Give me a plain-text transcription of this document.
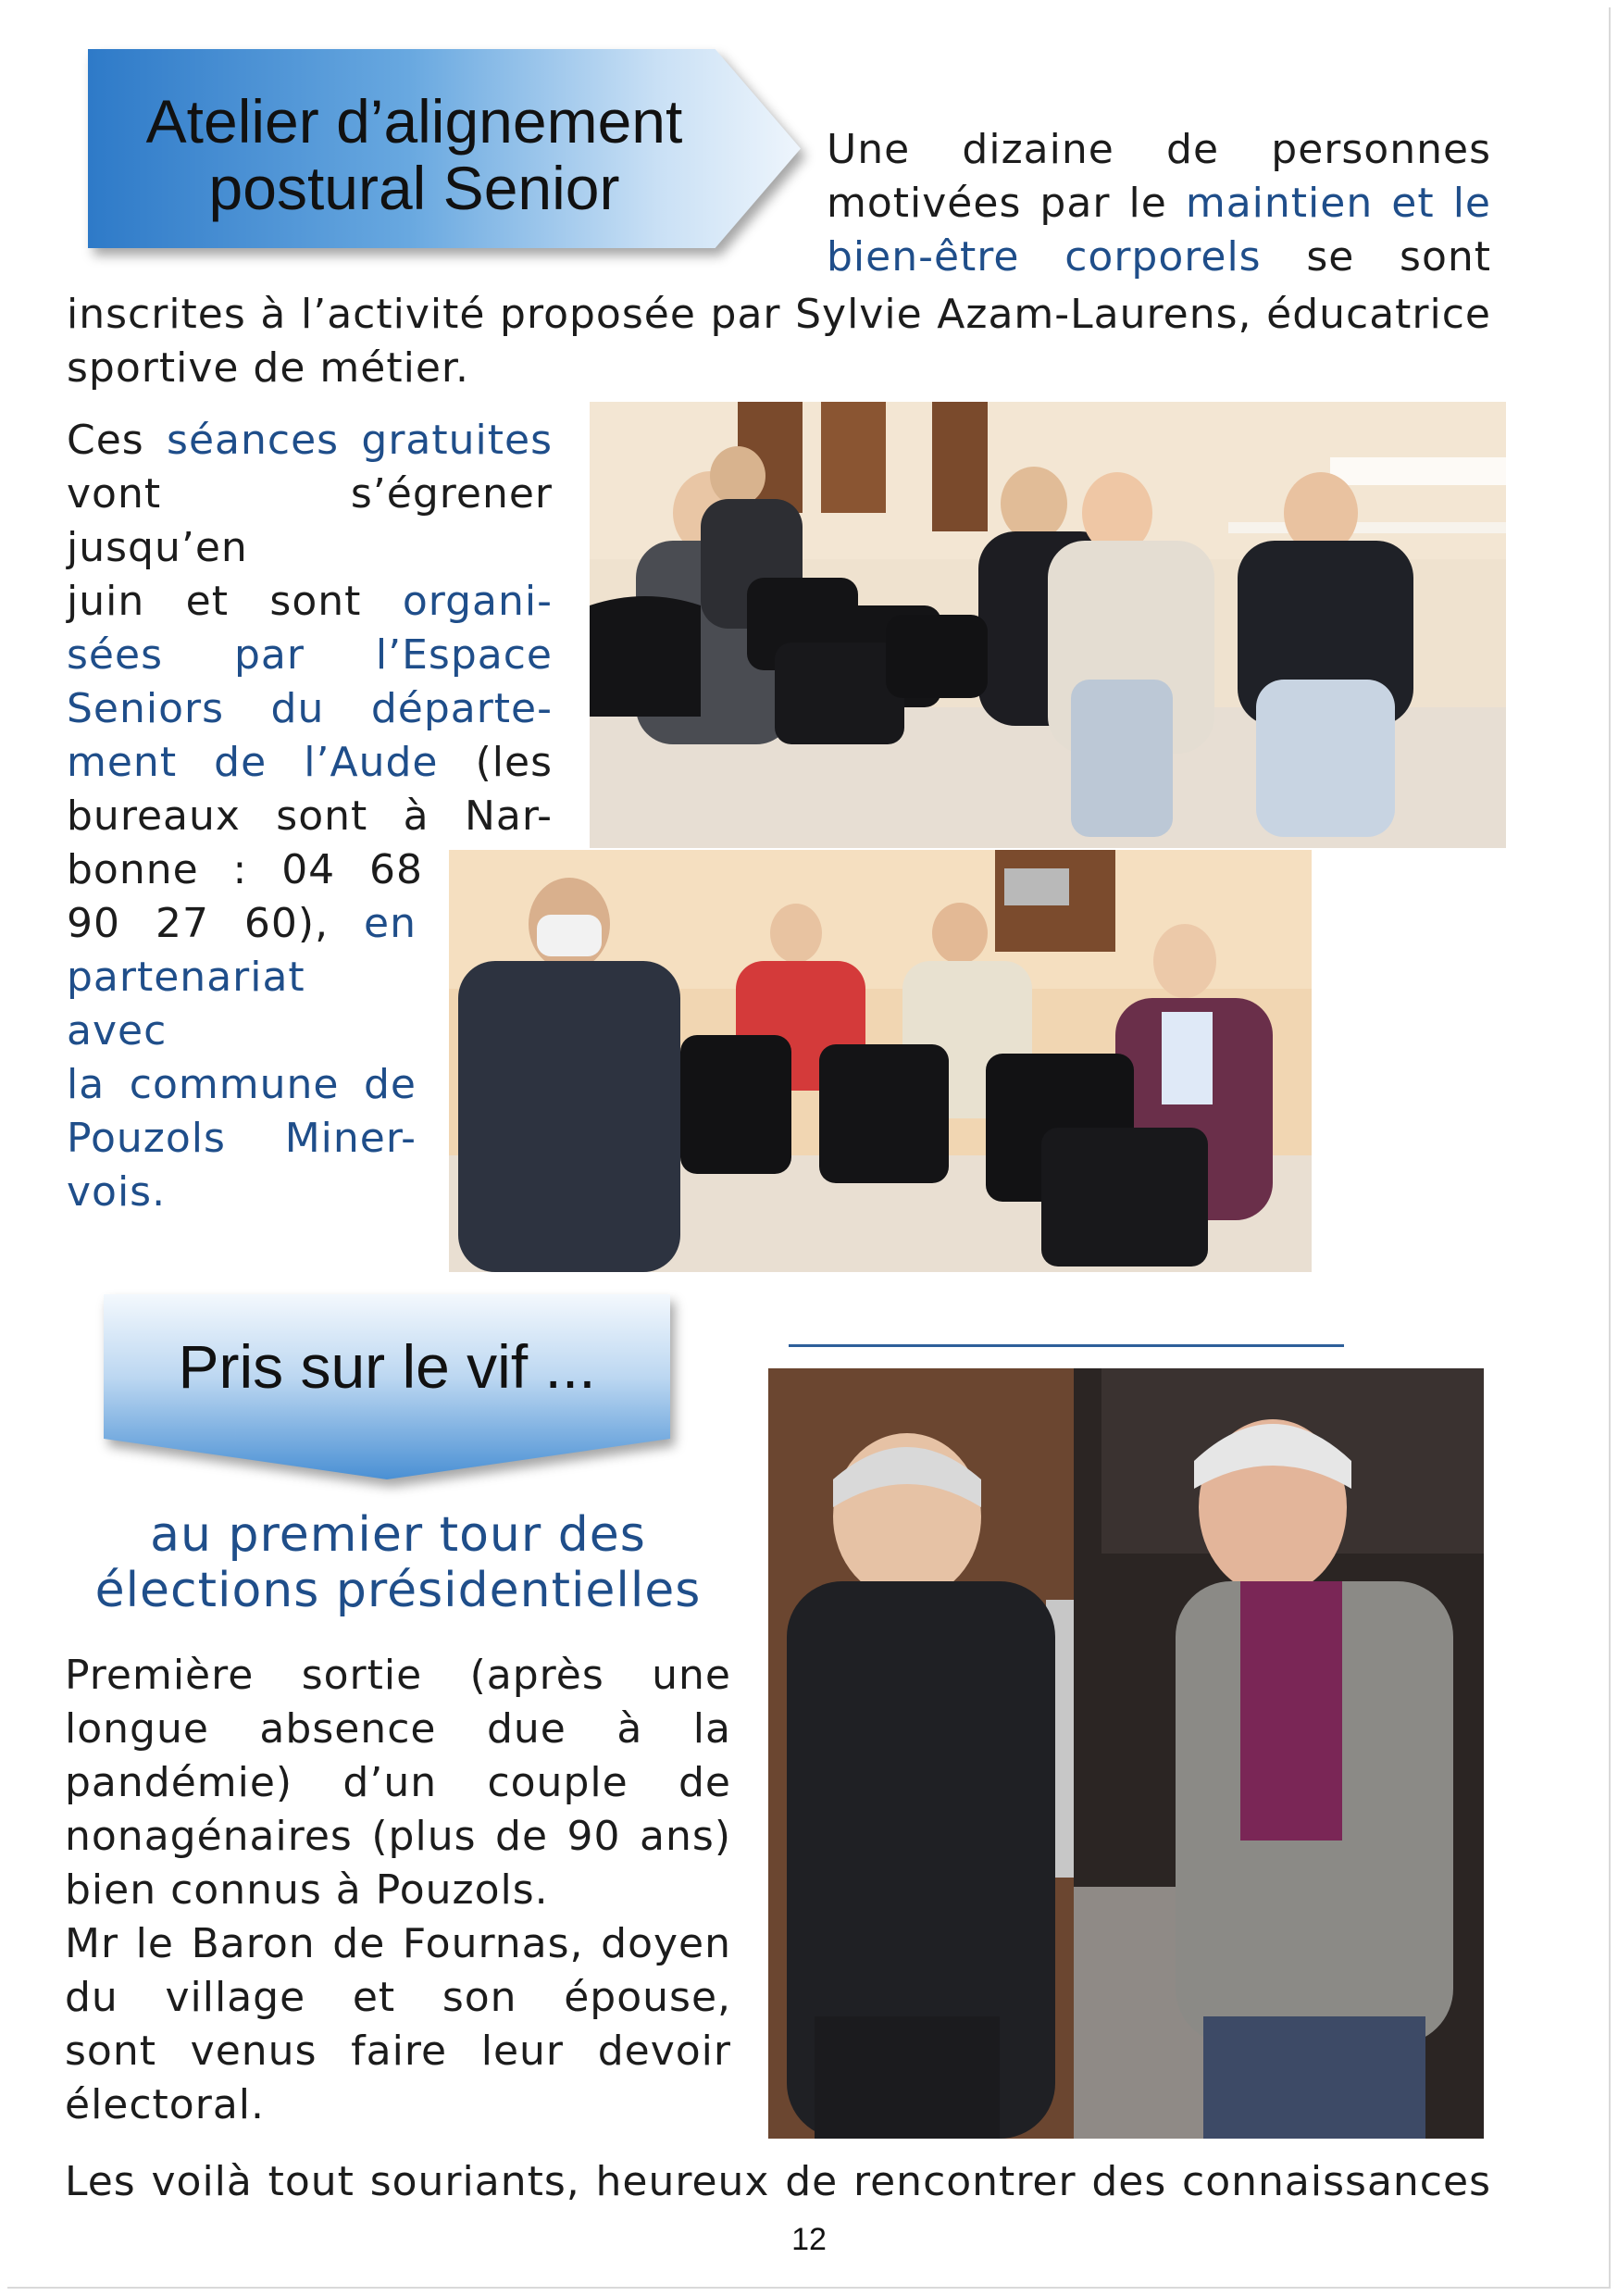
Atelier d’alignement
postural Senior
Une dizaine de personnes
motivées par le maintien et le
bien-être corporels se sont
inscrites à l’activité proposée par Sylvie Azam-Laurens, éducatrice
sportive de métier.
Ces séances gratuites
vont s’égrener jusqu’en
juin et sont organi-
sées par l’Espace
Seniors du départe-
ment de l’Aude (les
bureaux sont à Nar-
bonne : 04 68
90 27 60), en
partenariat avec
la commune de
Pouzols Miner-
vois.
Pris sur le vif ...
au premier tour des
élections présidentielles
Première sortie (après une
longue absence due à la
pandémie) d’un couple de
nonagénaires (plus de 90 ans)
bien connus à Pouzols.
Mr le Baron de Fournas, doyen
du village et son épouse,
sont venus faire leur devoir
électoral.
Les voilà tout souriants, heureux de rencontrer des connaissances
12
